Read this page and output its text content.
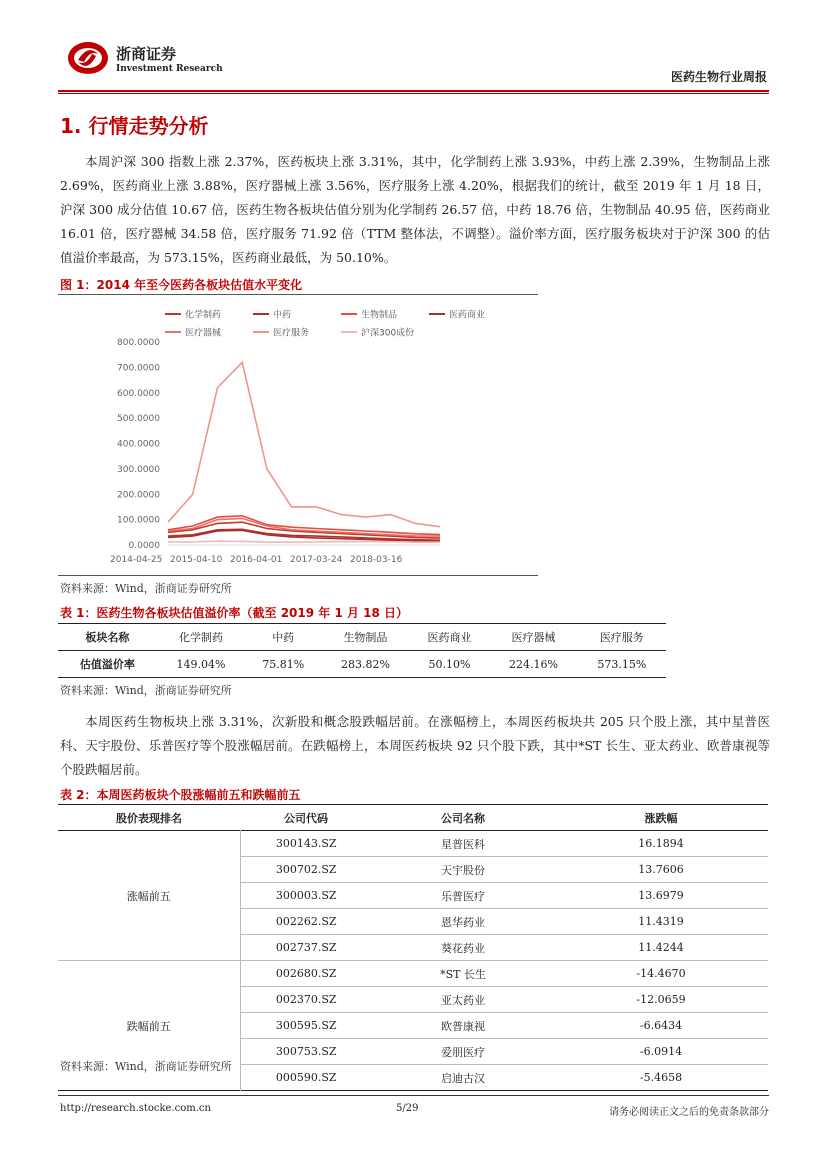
浙商证券
Investment Research
医药生物行业周报
1. 行情走势分析

本周沪深 300 指数上涨 2.37%，医药板块上涨 3.31%，其中，化学制药上涨 3.93%，中药上涨 2.39%，生物制品上涨 2.69%，医药商业上涨 3.88%，医疗器械上涨 3.56%，医疗服务上涨 4.20%，根据我们的统计，截至 2019 年 1 月 18 日，沪深 300 成分估值 10.67 倍，医药生物各板块估值分别为化学制药 26.57 倍，中药 18.76 倍，生物制品 40.95 倍，医药商业 16.01 倍，医疗器械 34.58 倍，医疗服务 71.92 倍（TTM 整体法，不调整）。溢价率方面，医疗服务板块对于沪深 300 的估值溢价率最高，为 573.15%，医药商业最低，为 50.10%。

图 1：2014 年至今医药各板块估值水平变化
化学制药	中药	生物制品	医药商业
医疗器械	医疗服务	沪深300成份
800.0000
700.0000
600.0000
500.0000
400.0000
300.0000
200.0000
100.0000
0.0000
2014-04-25 2015-04-10 2016-04-01 2017-03-24 2018-03-16
资料来源：Wind，浙商证券研究所
表 1：医药生物各板块估值溢价率（截至 2019 年 1 月 18 日）
板块名称	化学制药	中药	生物制品	医药商业	医疗器械	医疗服务
估值溢价率	149.04%	75.81%	283.82%	50.10%	224.16%	573.15%
资料来源：Wind，浙商证券研究所

本周医药生物板块上涨 3.31%，次新股和概念股跌幅居前。在涨幅榜上，本周医药板块共 205 只个股上涨，其中星普医科、天宇股份、乐普医疗等个股涨幅居前。在跌幅榜上，本周医药板块 92 只个股下跌，其中*ST 长生、亚太药业、欧普康视等个股跌幅居前。

表 2：本周医药板块个股涨幅前五和跌幅前五
股价表现排名	公司代码	公司名称	涨跌幅
涨幅前五	300143.SZ	星普医科	16.1894
	300702.SZ	天宇股份	13.7606
	300003.SZ	乐普医疗	13.6979
	002262.SZ	恩华药业	11.4319
	002737.SZ	葵花药业	11.4244
跌幅前五	002680.SZ	*ST 长生	-14.4670
	002370.SZ	亚太药业	-12.0659
	300595.SZ	欧普康视	-6.6434
	300753.SZ	爱朋医疗	-6.0914
	000590.SZ	启迪古汉	-5.4658
资料来源：Wind，浙商证券研究所
http://research.stocke.com.cn	5/29	请务必阅读正文之后的免责条款部分
